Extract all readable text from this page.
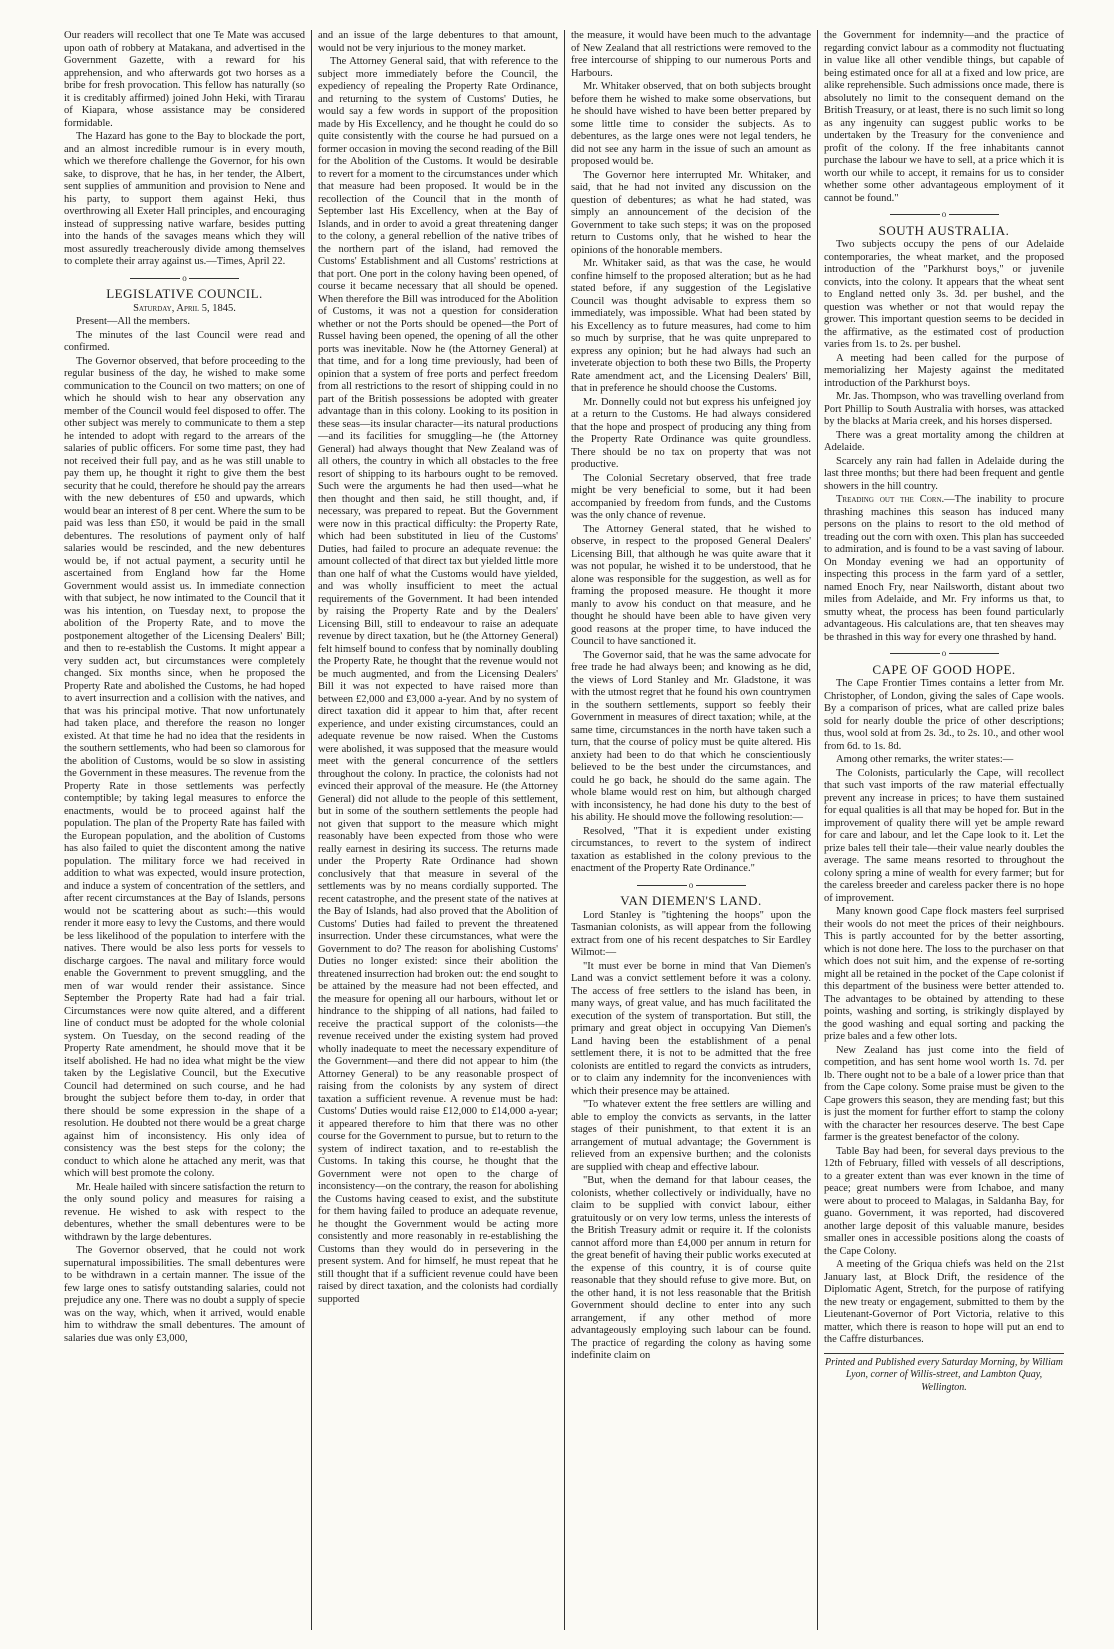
Our readers will recollect that one Te Mate was accused upon oath of robbery at Matakana, and advertised in the Government Gazette, with a reward for his apprehension, and who afterwards got two horses as a bribe for fresh provocation. This fellow has naturally (so it is creditably affirmed) joined John Heki, with Tirarau of Kiapara, whose assistance may be considered formidable.

The Hazard has gone to the Bay to blockade the port, and an almost incredible rumour is in every mouth, which we therefore challenge the Governor, for his own sake, to disprove, that he has, in her tender, the Albert, sent supplies of ammunition and provision to Nene and his party, to support them against Heki, thus overthrowing all Exeter Hall principles, and encouraging instead of suppressing native warfare, besides putting into the hands of the savages means which they will most assuredly treacherously divide among themselves to complete their array against us.—Times, April 22.

o
LEGISLATIVE COUNCIL.
Saturday, April 5, 1845.

Present—All the members.

The minutes of the last Council were read and confirmed.

The Governor observed, that before proceeding to the regular business of the day, he wished to make some communication to the Council on two matters; on one of which he should wish to hear any observation any member of the Council would feel disposed to offer. The other subject was merely to communicate to them a step he intended to adopt with regard to the arrears of the salaries of public officers. For some time past, they had not received their full pay, and as he was still unable to pay them up, he thought it right to give them the best security that he could, therefore he should pay the arrears with the new debentures of £50 and upwards, which would bear an interest of 8 per cent. Where the sum to be paid was less than £50, it would be paid in the small debentures. The resolutions of payment only of half salaries would be rescinded, and the new debentures would be, if not actual payment, a security until he ascertained from England how far the Home Government would assist us. In immediate connection with that subject, he now intimated to the Council that it was his intention, on Tuesday next, to propose the abolition of the Property Rate, and to move the postponement altogether of the Licensing Dealers' Bill; and then to re-establish the Customs. It might appear a very sudden act, but circumstances were completely changed. Six months since, when he proposed the Property Rate and abolished the Customs, he had hoped to avert insurrection and a collision with the natives, and that was his principal motive. That now unfortunately had taken place, and therefore the reason no longer existed. At that time he had no idea that the residents in the southern settlements, who had been so clamorous for the abolition of Customs, would be so slow in assisting the Government in these measures. The revenue from the Property Rate in those settlements was perfectly contemptible; by taking legal measures to enforce the enactments, would be to proceed against half the population. The plan of the Property Rate has failed with the European population, and the abolition of Customs has also failed to quiet the discontent among the native population. The military force we had received in addition to what was expected, would insure protection, and induce a system of concentration of the settlers, and after recent circumstances at the Bay of Islands, persons would not be scattering about as such:—this would render it more easy to levy the Customs, and there would be less likelihood of the population to interfere with the natives. There would be also less ports for vessels to discharge cargoes. The naval and military force would enable the Government to prevent smuggling, and the men of war would render their assistance. Since September the Property Rate had had a fair trial. Circumstances were now quite altered, and a different line of conduct must be adopted for the whole colonial system. On Tuesday, on the second reading of the Property Rate amendment, he should move that it be itself abolished. He had no idea what might be the view taken by the Legislative Council, but the Executive Council had determined on such course, and he had brought the subject before them to-day, in order that there should be some expression in the shape of a resolution. He doubted not there would be a great charge against him of inconsistency. His only idea of consistency was the best steps for the colony; the conduct to which alone he attached any merit, was that which will best promote the colony.

Mr. Heale hailed with sincere satisfaction the return to the only sound policy and measures for raising a revenue. He wished to ask with respect to the debentures, whether the small debentures were to be withdrawn by the large debentures.

The Governor observed, that he could not work supernatural impossibilities. The small debentures were to be withdrawn in a certain manner. The issue of the few large ones to satisfy outstanding salaries, could not prejudice any one. There was no doubt a supply of specie was on the way, which, when it arrived, would enable him to withdraw the small debentures. The amount of salaries due was only £3,000,

and an issue of the large debentures to that amount, would not be very injurious to the money market.

The Attorney General said, that with reference to the subject more immediately before the Council, the expediency of repealing the Property Rate Ordinance, and returning to the system of Customs' Duties, he would say a few words in support of the proposition made by His Excellency, and he thought he could do so quite consistently with the course he had pursued on a former occasion in moving the second reading of the Bill for the Abolition of the Customs. It would be desirable to revert for a moment to the circumstances under which that measure had been proposed. It would be in the recollection of the Council that in the month of September last His Excellency, when at the Bay of Islands, and in order to avoid a great threatening danger to the colony, a general rebellion of the native tribes of the northern part of the island, had removed the Customs' Establishment and all Customs' restrictions at that port. One port in the colony having been opened, of course it became necessary that all should be opened. When therefore the Bill was introduced for the Abolition of Customs, it was not a question for consideration whether or not the Ports should be opened—the Port of Russel having been opened, the opening of all the other ports was inevitable. Now he (the Attorney General) at that time, and for a long time previously, had been of opinion that a system of free ports and perfect freedom from all restrictions to the resort of shipping could in no part of the British possessions be adopted with greater advantage than in this colony. Looking to its position in these seas—its insular character—its natural productions—and its facilities for smuggling—he (the Attorney General) had always thought that New Zealand was of all others, the country in which all obstacles to the free resort of shipping to its harbours ought to be removed. Such were the arguments he had then used—what he then thought and then said, he still thought, and, if necessary, was prepared to repeat. But the Government were now in this practical difficulty: the Property Rate, which had been substituted in lieu of the Customs' Duties, had failed to procure an adequate revenue: the amount collected of that direct tax but yielded little more than one half of what the Customs would have yielded, and was wholly insufficient to meet the actual requirements of the Government. It had been intended by raising the Property Rate and by the Dealers' Licensing Bill, still to endeavour to raise an adequate revenue by direct taxation, but he (the Attorney General) felt himself bound to confess that by nominally doubling the Property Rate, he thought that the revenue would not be much augmented, and from the Licensing Dealers' Bill it was not expected to have raised more than between £2,000 and £3,000 a-year. And by no system of direct taxation did it appear to him that, after recent experience, and under existing circumstances, could an adequate revenue be now raised. When the Customs were abolished, it was supposed that the measure would meet with the general concurrence of the settlers throughout the colony. In practice, the colonists had not evinced their approval of the measure. He (the Attorney General) did not allude to the people of this settlement, but in some of the southern settlements the people had not given that support to the measure which might reasonably have been expected from those who were really earnest in desiring its success. The returns made under the Property Rate Ordinance had shown conclusively that that measure in several of the settlements was by no means cordially supported. The recent catastrophe, and the present state of the natives at the Bay of Islands, had also proved that the Abolition of Customs' Duties had failed to prevent the threatened insurrection. Under these circumstances, what were the Government to do? The reason for abolishing Customs' Duties no longer existed: since their abolition the threatened insurrection had broken out: the end sought to be attained by the measure had not been effected, and the measure for opening all our harbours, without let or hindrance to the shipping of all nations, had failed to receive the practical support of the colonists—the revenue received under the existing system had proved wholly inadequate to meet the necessary expenditure of the Government—and there did not appear to him (the Attorney General) to be any reasonable prospect of raising from the colonists by any system of direct taxation a sufficient revenue. A revenue must be had: Customs' Duties would raise £12,000 to £14,000 a-year; it appeared therefore to him that there was no other course for the Government to pursue, but to return to the system of indirect taxation, and to re-establish the Customs. In taking this course, he thought that the Government were not open to the charge of inconsistency—on the contrary, the reason for abolishing the Customs having ceased to exist, and the substitute for them having failed to produce an adequate revenue, he thought the Government would be acting more consistently and more reasonably in re-establishing the Customs than they would do in persevering in the present system. And for himself, he must repeat that he still thought that if a sufficient revenue could have been raised by direct taxation, and the colonists had cordially supported

the measure, it would have been much to the advantage of New Zealand that all restrictions were removed to the free intercourse of shipping to our numerous Ports and Harbours.

Mr. Whitaker observed, that on both subjects brought before them he wished to make some observations, but he should have wished to have been better prepared by some little time to consider the subjects. As to debentures, as the large ones were not legal tenders, he did not see any harm in the issue of such an amount as proposed would be.

The Governor here interrupted Mr. Whitaker, and said, that he had not invited any discussion on the question of debentures; as what he had stated, was simply an announcement of the decision of the Government to take such steps; it was on the proposed return to Customs only, that he wished to hear the opinions of the honorable members.

Mr. Whitaker said, as that was the case, he would confine himself to the proposed alteration; but as he had stated before, if any suggestion of the Legislative Council was thought advisable to express them so immediately, was impossible. What had been stated by his Excellency as to future measures, had come to him so much by surprise, that he was quite unprepared to express any opinion; but he had always had such an inveterate objection to both these two Bills, the Property Rate amendment act, and the Licensing Dealers' Bill, that in preference he should choose the Customs.

Mr. Donnelly could not but express his unfeigned joy at a return to the Customs. He had always considered that the hope and prospect of producing any thing from the Property Rate Ordinance was quite groundless. There should be no tax on property that was not productive.

The Colonial Secretary observed, that free trade might be very beneficial to some, but it had been accompanied by freedom from funds, and the Customs was the only chance of revenue.

The Attorney General stated, that he wished to observe, in respect to the proposed General Dealers' Licensing Bill, that although he was quite aware that it was not popular, he wished it to be understood, that he alone was responsible for the suggestion, as well as for framing the proposed measure. He thought it more manly to avow his conduct on that measure, and he thought he should have been able to have given very good reasons at the proper time, to have induced the Council to have sanctioned it.

The Governor said, that he was the same advocate for free trade he had always been; and knowing as he did, the views of Lord Stanley and Mr. Gladstone, it was with the utmost regret that he found his own countrymen in the southern settlements, support so feebly their Government in measures of direct taxation; while, at the same time, circumstances in the north have taken such a turn, that the course of policy must be quite altered. His anxiety had been to do that which he conscientiously believed to be the best under the circumstances, and could he go back, he should do the same again. The whole blame would rest on him, but although charged with inconsistency, he had done his duty to the best of his ability. He should move the following resolution:—

Resolved, "That it is expedient under existing circumstances, to revert to the system of indirect taxation as established in the colony previous to the enactment of the Property Rate Ordinance."

o
VAN DIEMEN'S LAND.

Lord Stanley is "tightening the hoops" upon the Tasmanian colonists, as will appear from the following extract from one of his recent despatches to Sir Eardley Wilmot:—

"It must ever be borne in mind that Van Diemen's Land was a convict settlement before it was a colony. The access of free settlers to the island has been, in many ways, of great value, and has much facilitated the execution of the system of transportation. But still, the primary and great object in occupying Van Diemen's Land having been the establishment of a penal settlement there, it is not to be admitted that the free colonists are entitled to regard the convicts as intruders, or to claim any indemnity for the inconveniences with which their presence may be attained.

"To whatever extent the free settlers are willing and able to employ the convicts as servants, in the latter stages of their punishment, to that extent it is an arrangement of mutual advantage; the Government is relieved from an expensive burthen; and the colonists are supplied with cheap and effective labour.

"But, when the demand for that labour ceases, the colonists, whether collectively or individually, have no claim to be supplied with convict labour, either gratuitously or on very low terms, unless the interests of the British Treasury admit or require it. If the colonists cannot afford more than £4,000 per annum in return for the great benefit of having their public works executed at the expense of this country, it is of course quite reasonable that they should refuse to give more. But, on the other hand, it is not less reasonable that the British Government should decline to enter into any such arrangement, if any other method of more advantageously employing such labour can be found. The practice of regarding the colony as having some indefinite claim on

the Government for indemnity—and the practice of regarding convict labour as a commodity not fluctuating in value like all other vendible things, but capable of being estimated once for all at a fixed and low price, are alike reprehensible. Such admissions once made, there is absolutely no limit to the consequent demand on the British Treasury, or at least, there is no such limit so long as any ingenuity can suggest public works to be undertaken by the Treasury for the convenience and profit of the colony. If the free inhabitants cannot purchase the labour we have to sell, at a price which it is worth our while to accept, it remains for us to consider whether some other advantageous employment of it cannot be found."

o
SOUTH AUSTRALIA.

Two subjects occupy the pens of our Adelaide contemporaries, the wheat market, and the proposed introduction of the "Parkhurst boys," or juvenile convicts, into the colony. It appears that the wheat sent to England netted only 3s. 3d. per bushel, and the question was whether or not that would repay the grower. This important question seems to be decided in the affirmative, as the estimated cost of production varies from 1s. to 2s. per bushel.

A meeting had been called for the purpose of memorializing her Majesty against the meditated introduction of the Parkhurst boys.

Mr. Jas. Thompson, who was travelling overland from Port Phillip to South Australia with horses, was attacked by the blacks at Maria creek, and his horses dispersed.

There was a great mortality among the children at Adelaide.

Scarcely any rain had fallen in Adelaide during the last three months; but there had been frequent and gentle showers in the hill country.

Treading out the Corn.—The inability to procure thrashing machines this season has induced many persons on the plains to resort to the old method of treading out the corn with oxen. This plan has succeeded to admiration, and is found to be a vast saving of labour. On Monday evening we had an opportunity of inspecting this process in the farm yard of a settler, named Enoch Fry, near Nailsworth, distant about two miles from Adelaide, and Mr. Fry informs us that, to smutty wheat, the process has been found particularly advantageous. His calculations are, that ten sheaves may be thrashed in this way for every one thrashed by hand.

o
CAPE OF GOOD HOPE.

The Cape Frontier Times contains a letter from Mr. Christopher, of London, giving the sales of Cape wools. By a comparison of prices, what are called prize bales sold for nearly double the price of other descriptions; thus, wool sold at from 2s. 3d., to 2s. 10., and other wool from 6d. to 1s. 8d.

Among other remarks, the writer states:—

The Colonists, particularly the Cape, will recollect that such vast imports of the raw material effectually prevent any increase in prices; to have them sustained for equal qualities is all that may be hoped for. But in the improvement of quality there will yet be ample reward for care and labour, and let the Cape look to it. Let the prize bales tell their tale—their value nearly doubles the average. The same means resorted to throughout the colony spring a mine of wealth for every farmer; but for the careless breeder and careless packer there is no hope of improvement.

Many known good Cape flock masters feel surprised their wools do not meet the prices of their neighbours. This is partly accounted for by the better assorting, which is not done here. The loss to the purchaser on that which does not suit him, and the expense of re-sorting might all be retained in the pocket of the Cape colonist if this department of the business were better attended to. The advantages to be obtained by attending to these points, washing and sorting, is strikingly displayed by the good washing and equal sorting and packing the prize bales and a few other lots.

New Zealand has just come into the field of competition, and has sent home wool worth 1s. 7d. per lb. There ought not to be a bale of a lower price than that from the Cape colony. Some praise must be given to the Cape growers this season, they are mending fast; but this is just the moment for further effort to stamp the colony with the character her resources deserve. The best Cape farmer is the greatest benefactor of the colony.

Table Bay had been, for several days previous to the 12th of February, filled with vessels of all descriptions, to a greater extent than was ever known in the time of peace; great numbers were from Ichaboe, and many were about to proceed to Malagas, in Saldanha Bay, for guano. Government, it was reported, had discovered another large deposit of this valuable manure, besides smaller ones in accessible positions along the coasts of the Cape Colony.

A meeting of the Griqua chiefs was held on the 21st January last, at Block Drift, the residence of the Diplomatic Agent, Stretch, for the purpose of ratifying the new treaty or engagement, submitted to them by the Lieutenant-Governor of Port Victoria, relative to this matter, which there is reason to hope will put an end to the Caffre disturbances.

Printed and Published every Saturday Morning, by William Lyon, corner of Willis-street, and Lambton Quay, Wellington.
